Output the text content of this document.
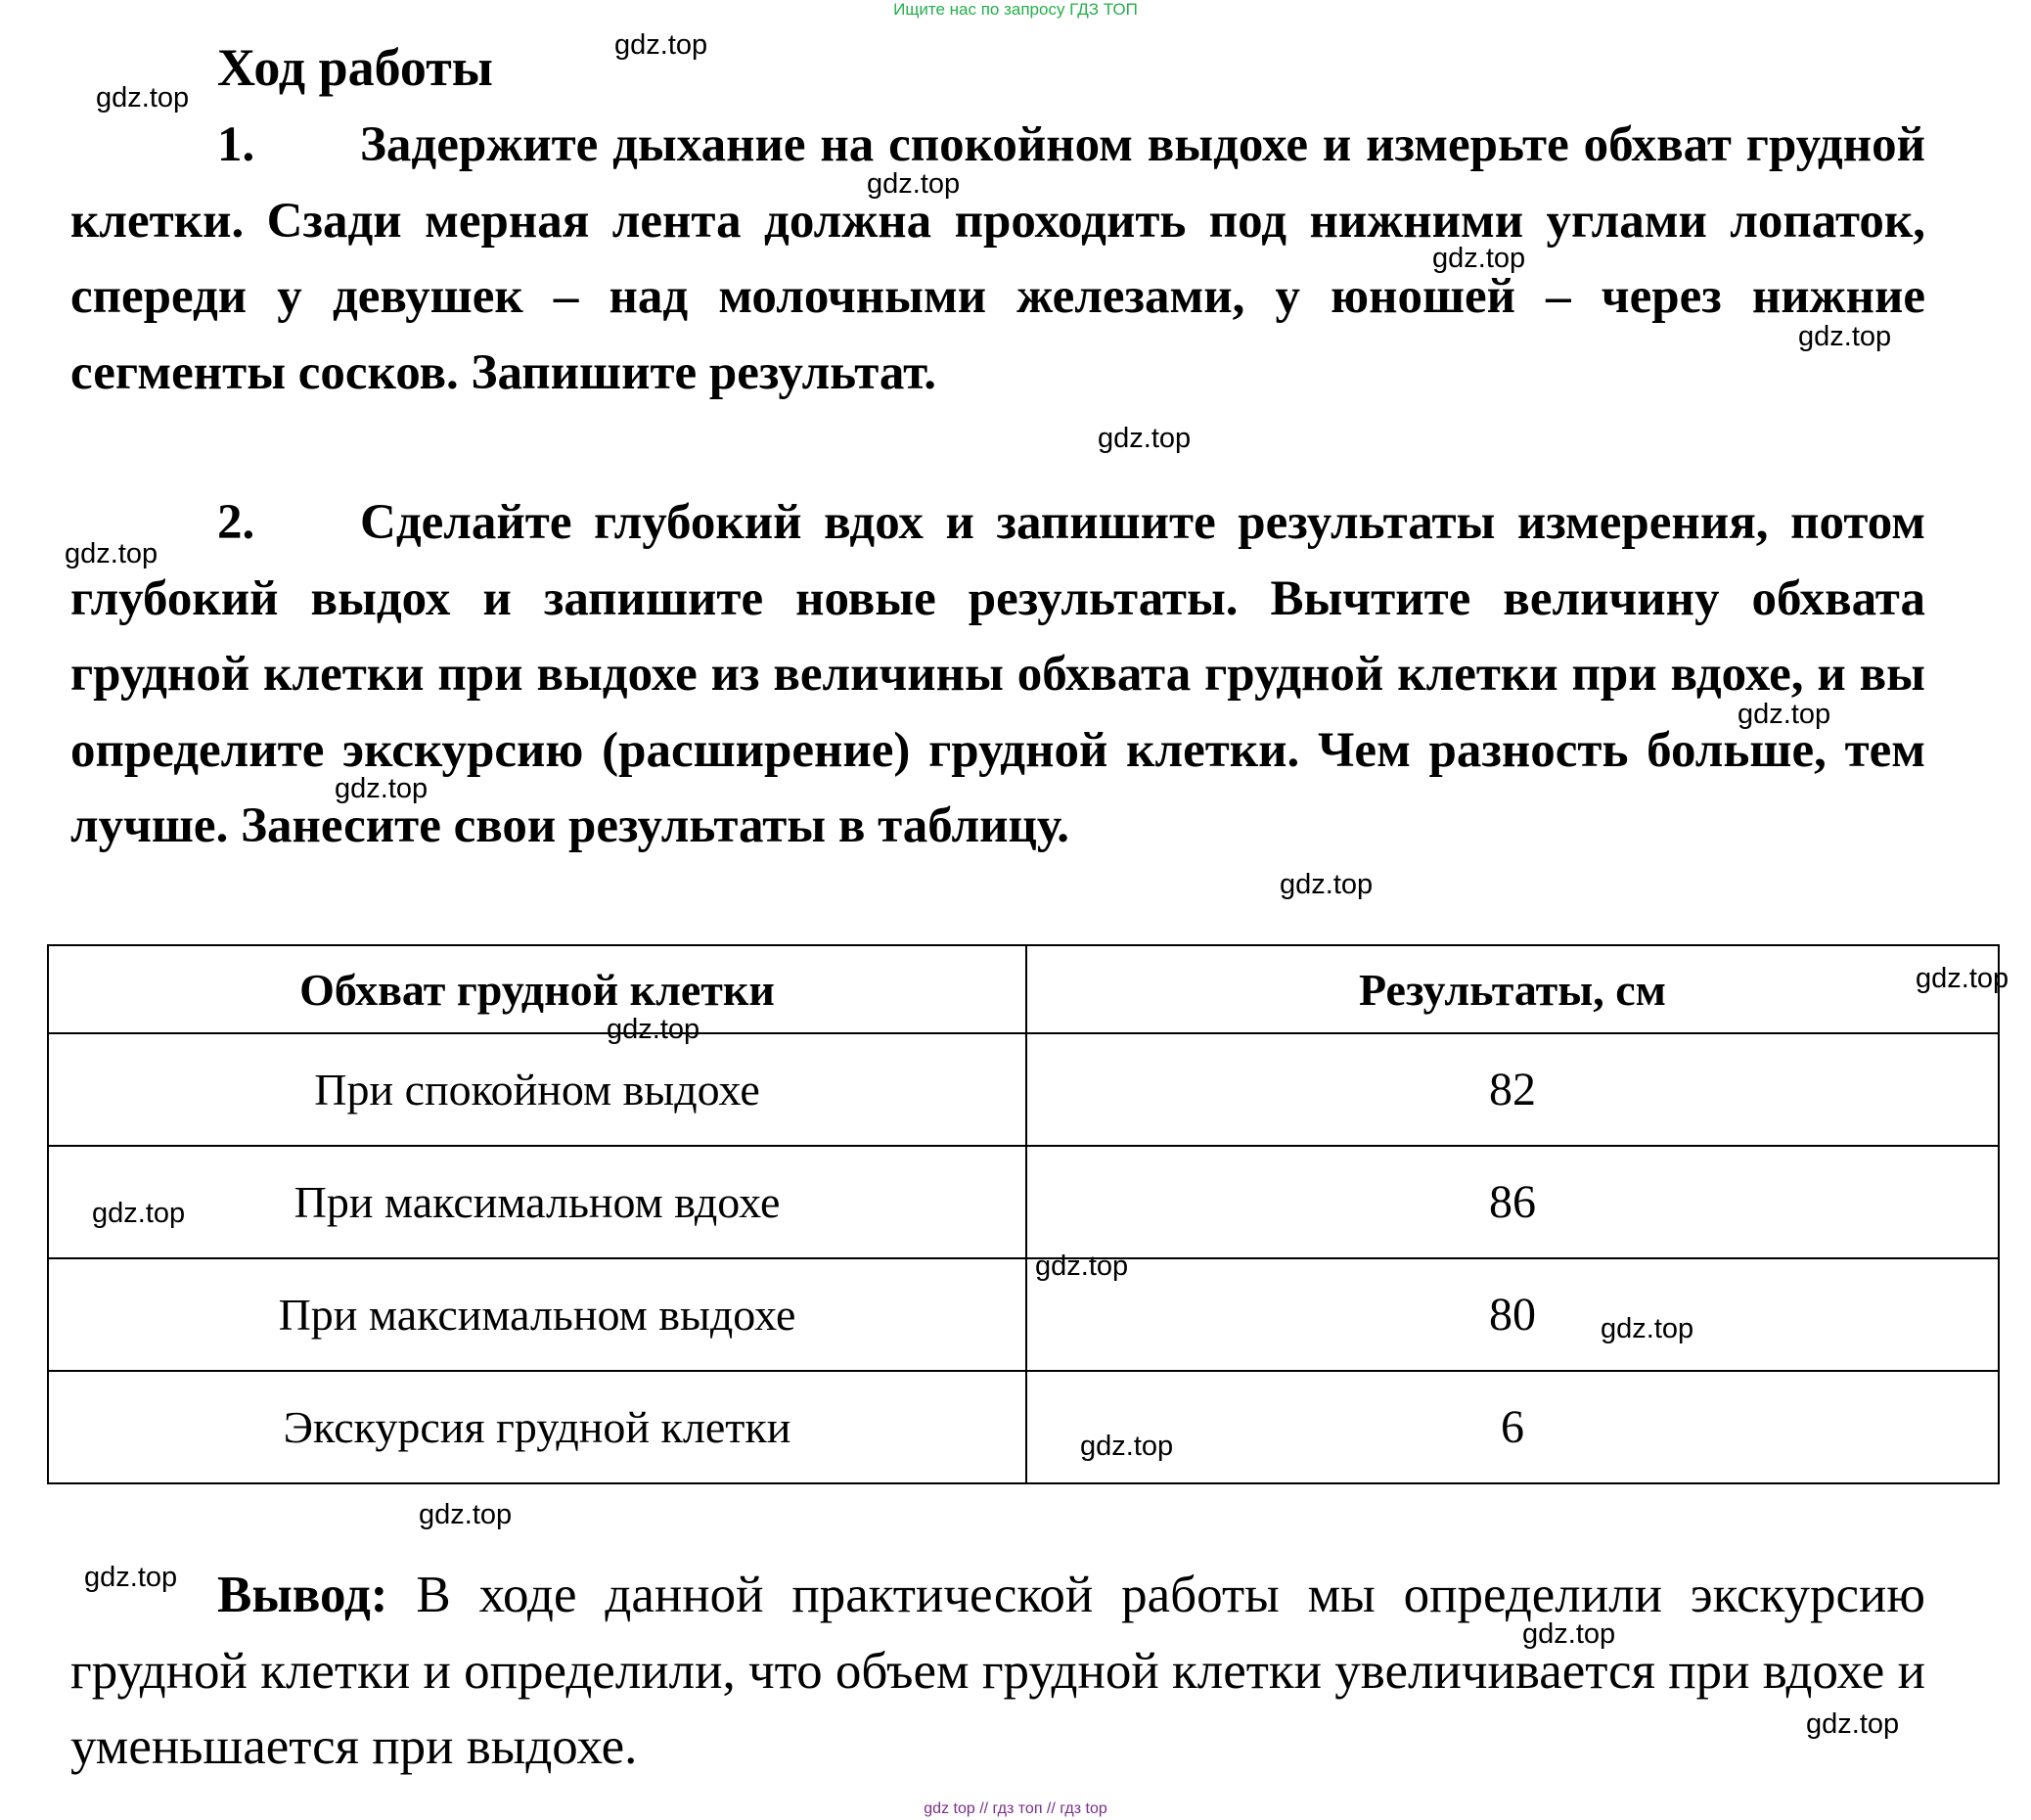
Ищите нас по запросу ГДЗ ТОП
Ход работы
1. Задержите дыхание на спокойном выдохе и измерьте обхват грудной клетки. Сзади мерная лента должна проходить под нижними углами лопаток, спереди у девушек – над молочными железами, у юношей – через нижние сегменты сосков. Запишите результат.
2. Сделайте глубокий вдох и запишите результаты измерения, потом глубокий выдох и запишите новые результаты. Вычтите величину обхвата грудной клетки при выдохе из величины обхвата грудной клетки при вдохе, и вы определите экскурсию (расширение) грудной клетки. Чем разность больше, тем лучше. Занесите свои результаты в таблицу.
Обхват грудной клетки	Результаты, см
При спокойном выдохе	82
При максимальном вдохе	86
При максимальном выдохе	80
Экскурсия грудной клетки	6
Вывод: В ходе данной практической работы мы определили экскурсию грудной клетки и определили, что объем грудной клетки увеличивается при вдохе и уменьшается при выдохе.
gdz top // гдз топ // гдз top
gdz.top
gdz.top
gdz.top
gdz.top
gdz.top
gdz.top
gdz.top
gdz.top
gdz.top
gdz.top
gdz.top
gdz.top
gdz.top
gdz.top
gdz.top
gdz.top
gdz.top
gdz.top
gdz.top
gdz.top
